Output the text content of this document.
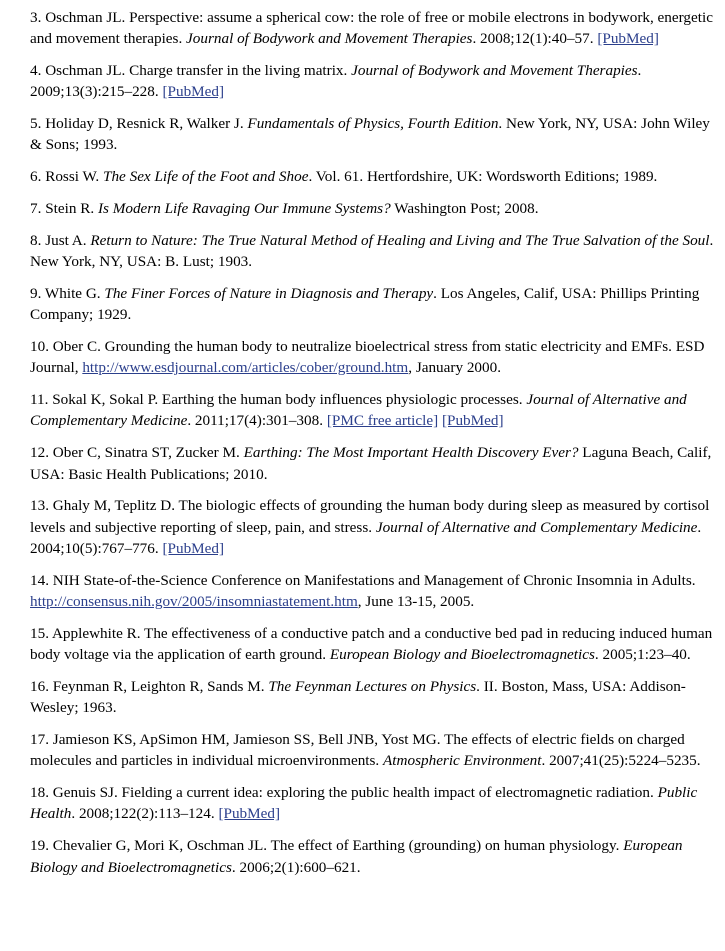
3. Oschman JL. Perspective: assume a spherical cow: the role of free or mobile electrons in bodywork, energetic and movement therapies. Journal of Bodywork and Movement Therapies. 2008;12(1):40–57. [PubMed]
4. Oschman JL. Charge transfer in the living matrix. Journal of Bodywork and Movement Therapies. 2009;13(3):215–228. [PubMed]
5. Holiday D, Resnick R, Walker J. Fundamentals of Physics, Fourth Edition. New York, NY, USA: John Wiley & Sons; 1993.
6. Rossi W. The Sex Life of the Foot and Shoe. Vol. 61. Hertfordshire, UK: Wordsworth Editions; 1989.
7. Stein R. Is Modern Life Ravaging Our Immune Systems? Washington Post; 2008.
8. Just A. Return to Nature: The True Natural Method of Healing and Living and The True Salvation of the Soul. New York, NY, USA: B. Lust; 1903.
9. White G. The Finer Forces of Nature in Diagnosis and Therapy. Los Angeles, Calif, USA: Phillips Printing Company; 1929.
10. Ober C. Grounding the human body to neutralize bioelectrical stress from static electricity and EMFs. ESD Journal, http://www.esdjournal.com/articles/cober/ground.htm, January 2000.
11. Sokal K, Sokal P. Earthing the human body influences physiologic processes. Journal of Alternative and Complementary Medicine. 2011;17(4):301–308. [PMC free article] [PubMed]
12. Ober C, Sinatra ST, Zucker M. Earthing: The Most Important Health Discovery Ever? Laguna Beach, Calif, USA: Basic Health Publications; 2010.
13. Ghaly M, Teplitz D. The biologic effects of grounding the human body during sleep as measured by cortisol levels and subjective reporting of sleep, pain, and stress. Journal of Alternative and Complementary Medicine. 2004;10(5):767–776. [PubMed]
14. NIH State-of-the-Science Conference on Manifestations and Management of Chronic Insomnia in Adults. http://consensus.nih.gov/2005/insomniastatement.htm, June 13-15, 2005.
15. Applewhite R. The effectiveness of a conductive patch and a conductive bed pad in reducing induced human body voltage via the application of earth ground. European Biology and Bioelectromagnetics. 2005;1:23–40.
16. Feynman R, Leighton R, Sands M. The Feynman Lectures on Physics. II. Boston, Mass, USA: Addison-Wesley; 1963.
17. Jamieson KS, ApSimon HM, Jamieson SS, Bell JNB, Yost MG. The effects of electric fields on charged molecules and particles in individual microenvironments. Atmospheric Environment. 2007;41(25):5224–5235.
18. Genuis SJ. Fielding a current idea: exploring the public health impact of electromagnetic radiation. Public Health. 2008;122(2):113–124. [PubMed]
19. Chevalier G, Mori K, Oschman JL. The effect of Earthing (grounding) on human physiology. European Biology and Bioelectromagnetics. 2006;2(1):600–621.
